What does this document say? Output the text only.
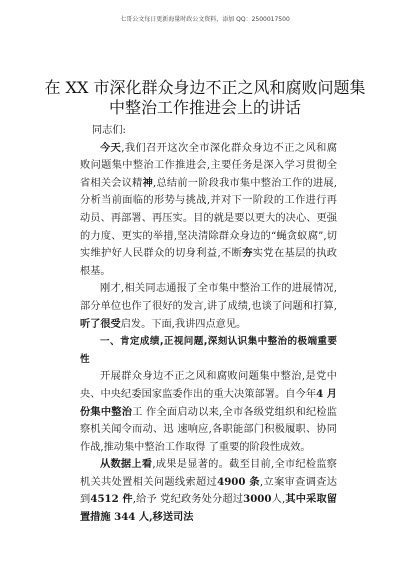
七哥公文每日更新海量时政公文资料，添加 QQ：2500017500
在 XX 市深化群众身边不正之风和腐败问题集
中整治工作推进会上的讲话

同志们:

今天,我们召开这次全市深化群众身边不正之风和腐败问题集中整治工作推进会,主要任务是深入学习贯彻全省相关会议精神,总结前一阶段我市集中整治工作的进展,分析当前面临的形势与挑战,并对下一阶段的工作进行再动员、再部署、再压实。目的就是要以更大的决心、更强的力度、更实的举措,坚决清除群众身边的“蝇贪蚁腐”,切实维护好人民群众的切身利益,不断夯实党在基层的执政根基。

刚才,相关同志通报了全市集中整治工作的进展情况,部分单位也作了很好的发言,讲了成绩,也谈了问题和打算,听了很受启发。下面,我讲四点意见。

一、肯定成绩,正视问题,深刻认识集中整治的极端重要性

开展群众身边不正之风和腐败问题集中整治,是党中央、中央纪委国家监委作出的重大决策部署。自今年4 月份集中整治工 作全面启动以来,全市各级党组织和纪检监察机关闻令而动、迅 速响应,各职能部门积极履职、协同作战,推动集中整治工作取得 了重要的阶段性成效。

从数据上看,成果是显著的。截至目前,全市纪检监察机关共处置相关问题线索超过4900 条,立案审查调查达到4512 件,给予 党纪政务处分超过3000人,其中采取留置措施 344 人,移送司法
